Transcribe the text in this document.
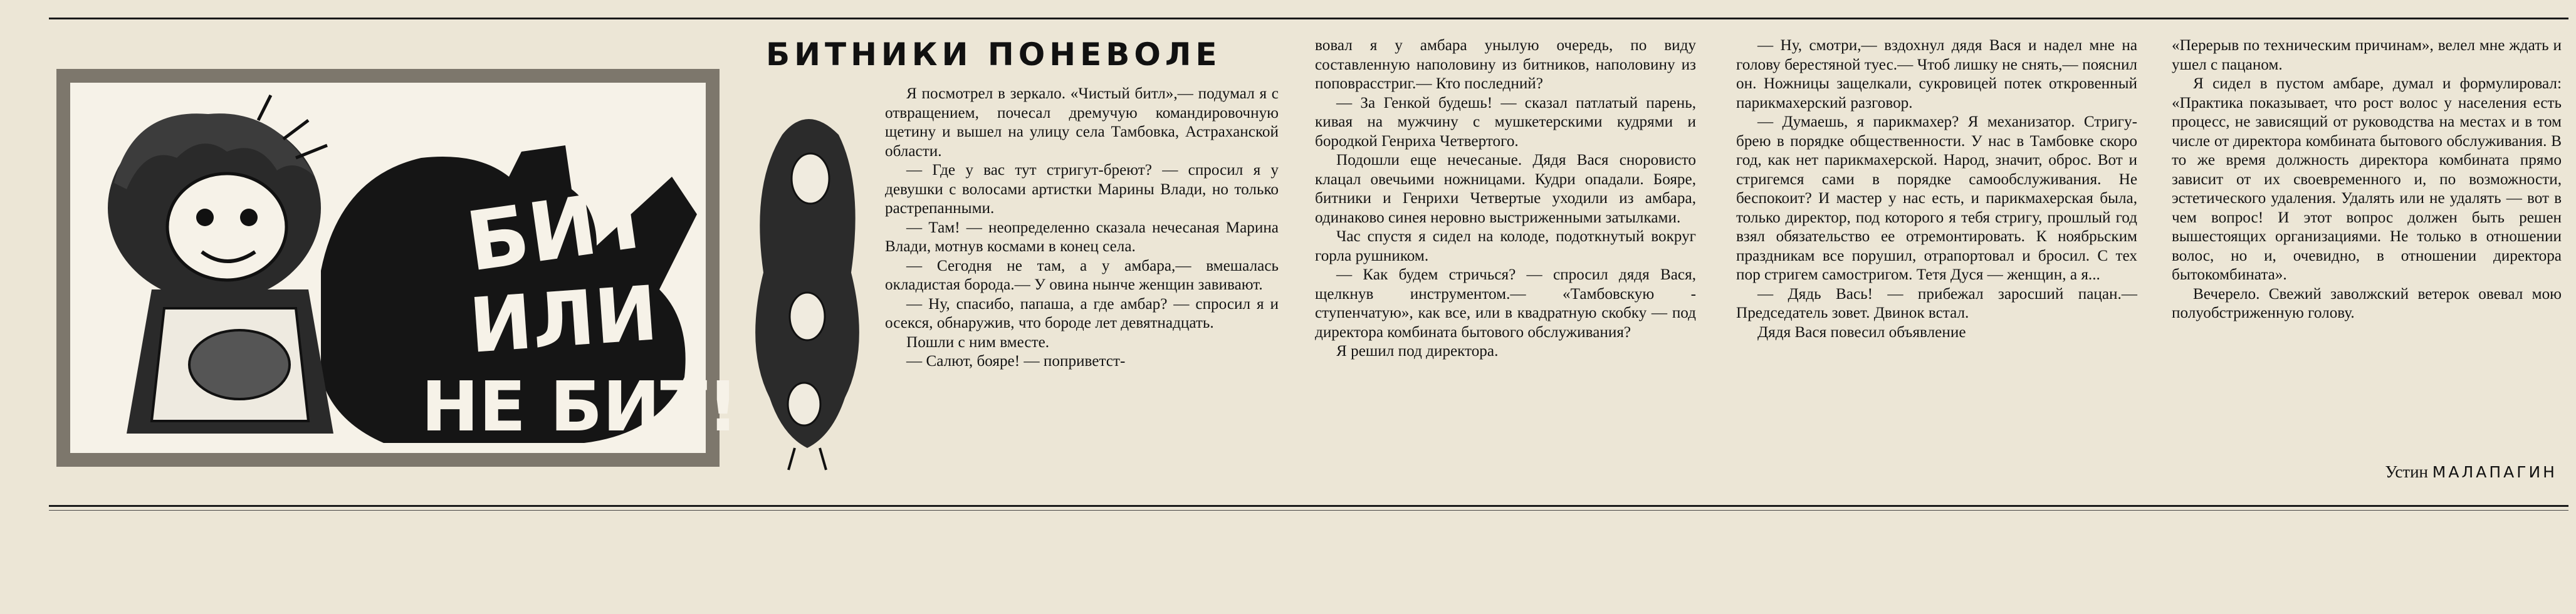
БИТ
ИЛИ
НЕ БИТ!
БИТНИКИ ПОНЕВОЛЕ

Я посмотрел в зеркало. «Чистый битл»,— подумал я с отвращением, почесал дремучую командировочную щетину и вышел на улицу села Тамбовка, Астраханской области.

— Где у вас тут стригут-бреют? — спросил я у девушки с волосами артистки Марины Влади, но только растрепанными.

— Там! — неопределенно сказала нечесаная Марина Влади, мотнув космами в конец села.

— Сегодня не там, а у амбара,— вмешалась окладистая борода.— У овина нынче женщин завивают.

— Ну, спасибо, папаша, а где амбар? — спросил я и осекся, обнаружив, что бороде лет девятнадцать.

Пошли с ним вместе.

— Салют, бояре! — поприветст-

вовал я у амбара унылую очередь, по виду составленную наполовину из битников, наполовину из поповрасстриг.— Кто последний?

— За Генкой будешь! — сказал патлатый парень, кивая на мужчину с мушкетерскими кудрями и бородкой Генриха Четвертого.

Подошли еще нечесаные. Дядя Вася сноровисто клацал овечьими ножницами. Кудри опадали. Бояре, битники и Генрихи Четвертые уходили из амбара, одинаково синея неровно выстриженными затылками.

Час спустя я сидел на колоде, подоткнутый вокруг горла рушником.

— Как будем стричься? — спросил дядя Вася, щелкнув инструментом.— «Тамбовскую - ступенчатую», как все, или в квадратную скобку — под директора комбината бытового обслуживания?

Я решил под директора.

— Ну, смотри,— вздохнул дядя Вася и надел мне на голову берестяной туес.— Чтоб лишку не снять,— пояснил он. Ножницы защелкали, сукровицей потек откровенный парикмахерский разговор.

— Думаешь, я парикмахер? Я механизатор. Стригу-брею в порядке общественности. У нас в Тамбовке скоро год, как нет парикмахерской. Народ, значит, оброс. Вот и стригемся сами в порядке самообслуживания. Не беспокоит? И мастер у нас есть, и парикмахерская была, только директор, под которого я тебя стригу, прошлый год взял обязательство ее отремонтировать. К ноябрьским праздникам все порушил, отрапортовал и бросил. С тех пор стригем самостригом. Тетя Дуся — женщин, а я...

— Дядь Вась! — прибежал заросший пацан.— Председатель зовет. Двинок встал.

Дядя Вася повесил объявление

«Перерыв по техническим причинам», велел мне ждать и ушел с пацаном.

Я сидел в пустом амбаре, думал и формулировал: «Практика показывает, что рост волос у населения есть процесс, не зависящий от руководства на местах и в том числе от директора комбината бытового обслуживания. В то же время должность директора комбината прямо зависит от их своевременного и, по возможности, эстетического удаления. Удалять или не удалять — вот в чем вопрос! И этот вопрос должен быть решен вышестоящих организациями. Не только в отношении волос, но и, очевидно, в отношении директора бытокомбината».

Вечерело. Свежий заволжский ветерок овевал мою полуобстриженную голову.

Устин МАЛАПАГИН
